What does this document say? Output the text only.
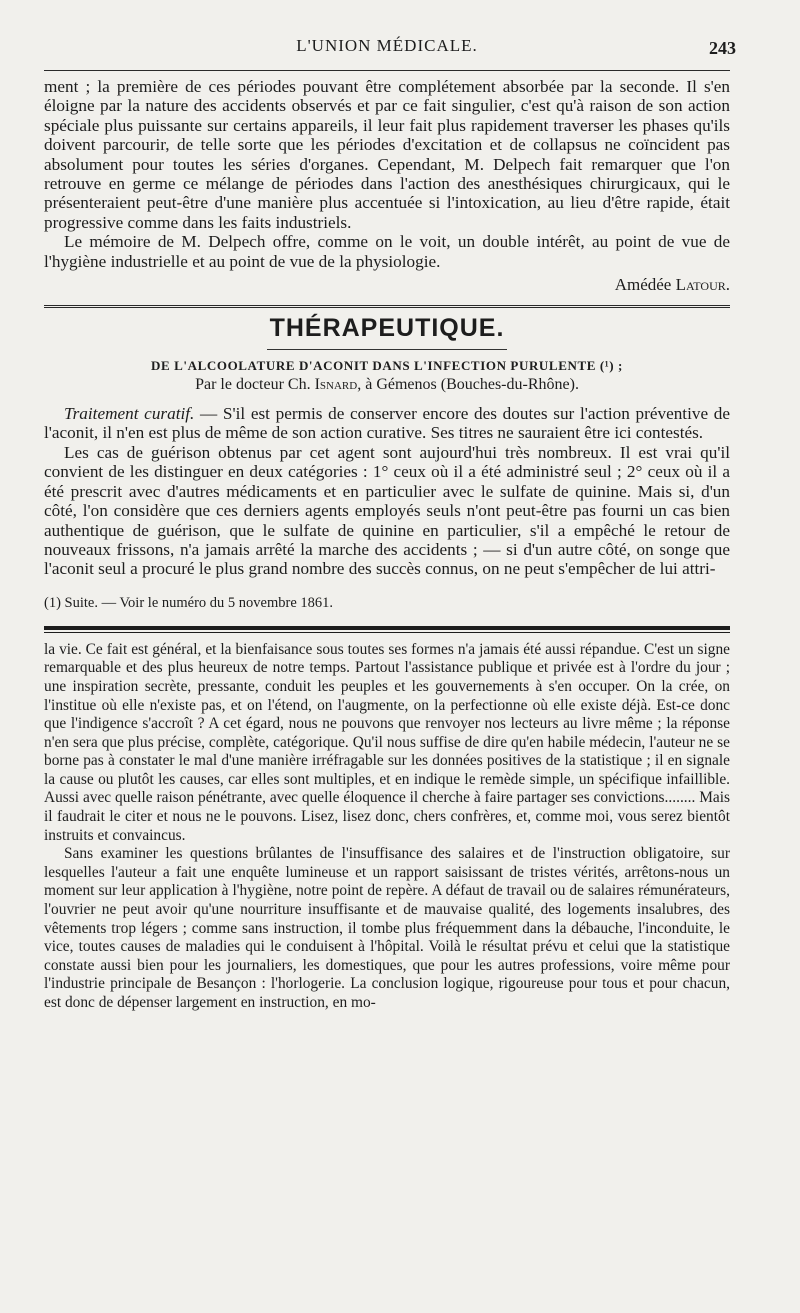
L'UNION MÉDICALE.	243

ment ; la première de ces périodes pouvant être complétement absorbée par la seconde. Il s'en éloigne par la nature des accidents observés et par ce fait singulier, c'est qu'à raison de son action spéciale plus puissante sur certains appareils, il leur fait plus rapidement traverser les phases qu'ils doivent parcourir, de telle sorte que les périodes d'excitation et de collapsus ne coïncident pas absolument pour toutes les séries d'organes. Cependant, M. Delpech fait remarquer que l'on retrouve en germe ce mélange de périodes dans l'action des anesthésiques chirurgicaux, qui le présenteraient peut-être d'une manière plus accentuée si l'intoxication, au lieu d'être rapide, était progressive comme dans les faits industriels.

Le mémoire de M. Delpech offre, comme on le voit, un double intérêt, au point de vue de l'hygiène industrielle et au point de vue de la physiologie.

Amédée Latour.

THÉRAPEUTIQUE.
DE L'ALCOOLATURE D'ACONIT DANS L'INFECTION PURULENTE (¹) ;
Par le docteur Ch. Isnard, à Gémenos (Bouches-du-Rhône).

Traitement curatif. — S'il est permis de conserver encore des doutes sur l'action préventive de l'aconit, il n'en est plus de même de son action curative. Ses titres ne sauraient être ici contestés.

Les cas de guérison obtenus par cet agent sont aujourd'hui très nombreux. Il est vrai qu'il convient de les distinguer en deux catégories : 1° ceux où il a été administré seul ; 2° ceux où il a été prescrit avec d'autres médicaments et en particulier avec le sulfate de quinine. Mais si, d'un côté, l'on considère que ces derniers agents employés seuls n'ont peut-être pas fourni un cas bien authentique de guérison, que le sulfate de quinine en particulier, s'il a empêché le retour de nouveaux frissons, n'a jamais arrêté la marche des accidents ; — si d'un autre côté, on songe que l'aconit seul a procuré le plus grand nombre des succès connus, on ne peut s'empêcher de lui attri-

(1) Suite. — Voir le numéro du 5 novembre 1861.

la vie. Ce fait est général, et la bienfaisance sous toutes ses formes n'a jamais été aussi répandue. C'est un signe remarquable et des plus heureux de notre temps. Partout l'assistance publique et privée est à l'ordre du jour ; une inspiration secrète, pressante, conduit les peuples et les gouvernements à s'en occuper. On la crée, on l'institue où elle n'existe pas, et on l'étend, on l'augmente, on la perfectionne où elle existe déjà. Est-ce donc que l'indigence s'accroît ? A cet égard, nous ne pouvons que renvoyer nos lecteurs au livre même ; la réponse n'en sera que plus précise, complète, catégorique. Qu'il nous suffise de dire qu'en habile médecin, l'auteur ne se borne pas à constater le mal d'une manière irréfragable sur les données positives de la statistique ; il en signale la cause ou plutôt les causes, car elles sont multiples, et en indique le remède simple, un spécifique infaillible. Aussi avec quelle raison pénétrante, avec quelle éloquence il cherche à faire partager ses convictions........ Mais il faudrait le citer et nous ne le pouvons. Lisez, lisez donc, chers confrères, et, comme moi, vous serez bientôt instruits et convaincus.

Sans examiner les questions brûlantes de l'insuffisance des salaires et de l'instruction obligatoire, sur lesquelles l'auteur a fait une enquête lumineuse et un rapport saisissant de tristes vérités, arrêtons-nous un moment sur leur application à l'hygiène, notre point de repère. A défaut de travail ou de salaires rémunérateurs, l'ouvrier ne peut avoir qu'une nourriture insuffisante et de mauvaise qualité, des logements insalubres, des vêtements trop légers ; comme sans instruction, il tombe plus fréquemment dans la débauche, l'inconduite, le vice, toutes causes de maladies qui le conduisent à l'hôpital. Voilà le résultat prévu et celui que la statistique constate aussi bien pour les journaliers, les domestiques, que pour les autres professions, voire même pour l'industrie principale de Besançon : l'horlogerie. La conclusion logique, rigoureuse pour tous et pour chacun, est donc de dépenser largement en instruction, en mo-
